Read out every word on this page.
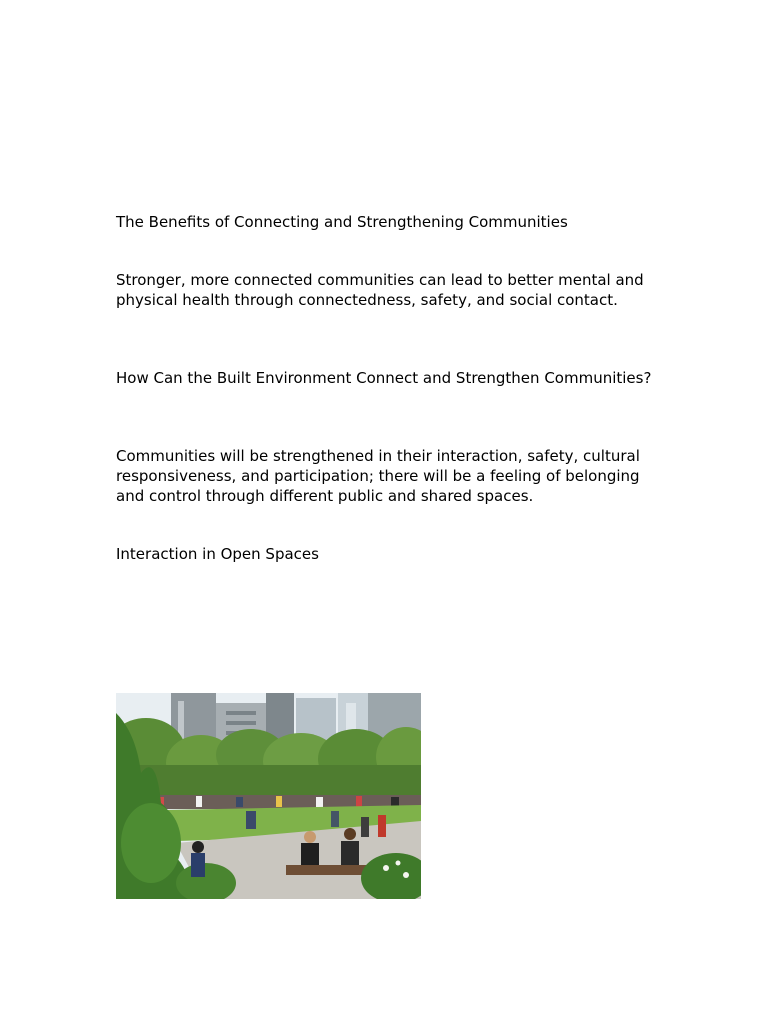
The Benefits of Connecting and Strengthening Communities

Stronger, more connected communities can lead to better mental and physical health through connectedness, safety, and social contact.

How Can the Built Environment Connect and Strengthen Communities?

Communities will be strengthened in their interaction, safety, cultural responsiveness, and participation; there will be a feeling of belonging and control through different public and shared spaces.

Interaction in Open Spaces
